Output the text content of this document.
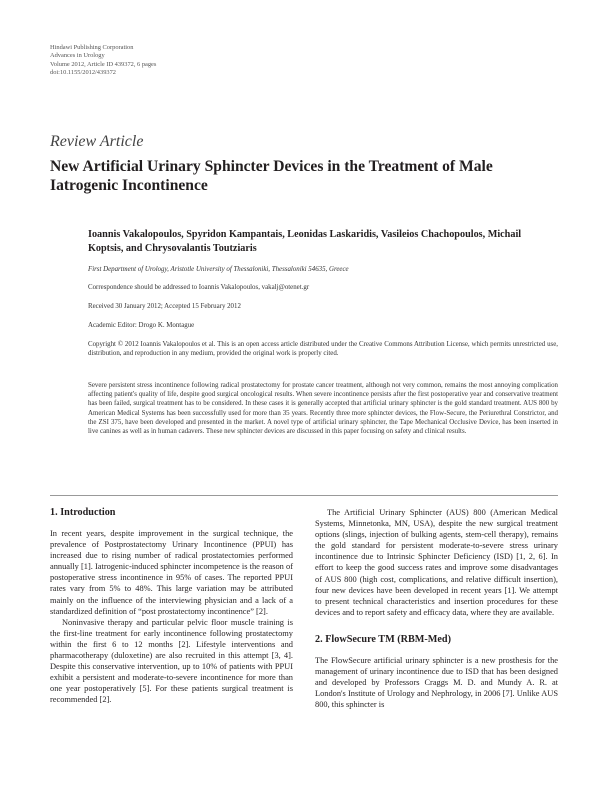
Hindawi Publishing Corporation
Advances in Urology
Volume 2012, Article ID 439372, 6 pages
doi:10.1155/2012/439372
Review Article
New Artificial Urinary Sphincter Devices in the Treatment of Male Iatrogenic Incontinence
Ioannis Vakalopoulos, Spyridon Kampantais, Leonidas Laskaridis, Vasileios Chachopoulos, Michail Koptsis, and Chrysovalantis Toutziaris
First Department of Urology, Aristotle University of Thessaloniki, Thessaloniki 54635, Greece
Correspondence should be addressed to Ioannis Vakalopoulos, vakalj@otenet.gr
Received 30 January 2012; Accepted 15 February 2012
Academic Editor: Drogo K. Montague
Copyright © 2012 Ioannis Vakalopoulos et al. This is an open access article distributed under the Creative Commons Attribution License, which permits unrestricted use, distribution, and reproduction in any medium, provided the original work is properly cited.
Severe persistent stress incontinence following radical prostatectomy for prostate cancer treatment, although not very common, remains the most annoying complication affecting patient's quality of life, despite good surgical oncological results. When severe incontinence persists after the first postoperative year and conservative treatment has been failed, surgical treatment has to be considered. In these cases it is generally accepted that artificial urinary sphincter is the gold standard treatment. AUS 800 by American Medical Systems has been successfully used for more than 35 years. Recently three more sphincter devices, the Flow-Secure, the Periurethral Constrictor, and the ZSI 375, have been developed and presented in the market. A novel type of artificial urinary sphincter, the Tape Mechanical Occlusive Device, has been inserted in live canines as well as in human cadavers. These new sphincter devices are discussed in this paper focusing on safety and clinical results.
1. Introduction

In recent years, despite improvement in the surgical technique, the prevalence of Postprostatectomy Urinary Incontinence (PPUI) has increased due to rising number of radical prostatectomies performed annually [1]. Iatrogenic-induced sphincter incompetence is the reason of postoperative stress incontinence in 95% of cases. The reported PPUI rates vary from 5% to 48%. This large variation may be attributed mainly on the influence of the interviewing physician and a lack of a standardized definition of “post prostatectomy incontinence” [2].

Noninvasive therapy and particular pelvic floor muscle training is the first-line treatment for early incontinence following prostatectomy within the first 6 to 12 months [2]. Lifestyle interventions and pharmacotherapy (duloxetine) are also recruited in this attempt [3, 4]. Despite this conservative intervention, up to 10% of patients with PPUI exhibit a persistent and moderate-to-severe incontinence for more than one year postoperatively [5]. For these patients surgical treatment is recommended [2].

The Artificial Urinary Sphincter (AUS) 800 (American Medical Systems, Minnetonka, MN, USA), despite the new surgical treatment options (slings, injection of bulking agents, stem-cell therapy), remains the gold standard for persistent moderate-to-severe stress urinary incontinence due to Intrinsic Sphincter Deficiency (ISD) [1, 2, 6]. In effort to keep the good success rates and improve some disadvantages of AUS 800 (high cost, complications, and relative difficult insertion), four new devices have been developed in recent years [1]. We attempt to present technical characteristics and insertion procedures for these devices and to report safety and efficacy data, where they are available.

2. FlowSecure TM (RBM-Med)

The FlowSecure artificial urinary sphincter is a new prosthesis for the management of urinary incontinence due to ISD that has been designed and developed by Professors Craggs M. D. and Mundy A. R. at London's Institute of Urology and Nephrology, in 2006 [7]. Unlike AUS 800, this sphincter is
